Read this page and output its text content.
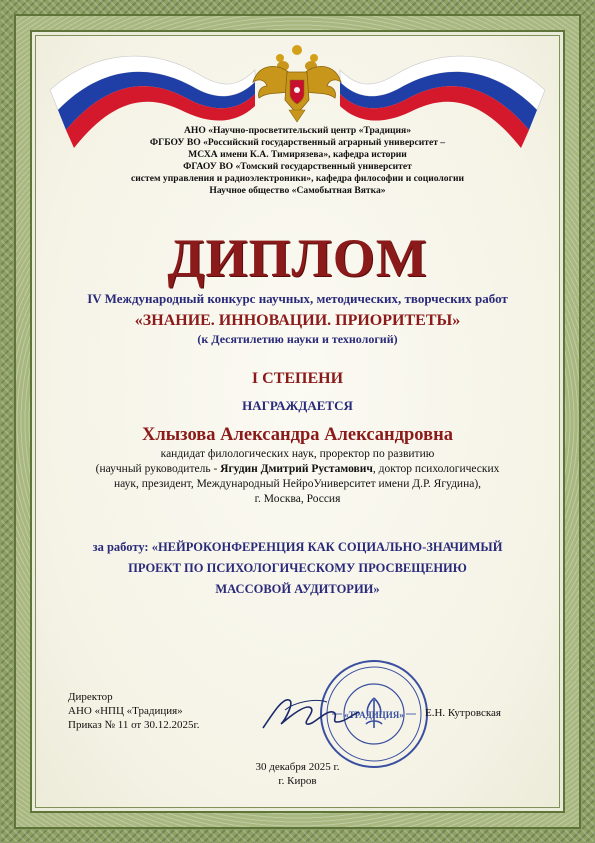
АНО «Научно-просветительский центр «Традиция»
ФГБОУ ВО «Российский государственный аграрный университет –
МСХА имени К.А. Тимирязева», кафедра истории
ФГАОУ ВО «Томский государственный университет
систем управления и радиоэлектроники», кафедра философии и социологии
Научное общество «Самобытная Вятка»
ДИПЛОМ
IV Международный конкурс научных, методических, творческих работ
«ЗНАНИЕ. ИННОВАЦИИ. ПРИОРИТЕТЫ»
(к Десятилетию науки и технологий)
I СТЕПЕНИ
НАГРАЖДАЕТСЯ
Хлызова Александра Александровна
кандидат филологических наук, проректор по развитию
(научный руководитель - Ягудин Дмитрий Рустамович, доктор психологических
наук, президент, Международный НейроУниверситет имени Д.Р. Ягудина),
г. Москва, Россия
за работу: «НЕЙРОКОНФЕРЕНЦИЯ КАК СОЦИАЛЬНО-ЗНАЧИМЫЙ
ПРОЕКТ ПО ПСИХОЛОГИЧЕСКОМУ ПРОСВЕЩЕНИЮ
МАССОВОЙ АУДИТОРИИ»
Директор
АНО «НПЦ «Традиция»
Приказ № 11 от 30.12.2025г.
«ТРАДИЦИЯ» Е.Н. Кутровская
30 декабря 2025 г.
г. Киров
